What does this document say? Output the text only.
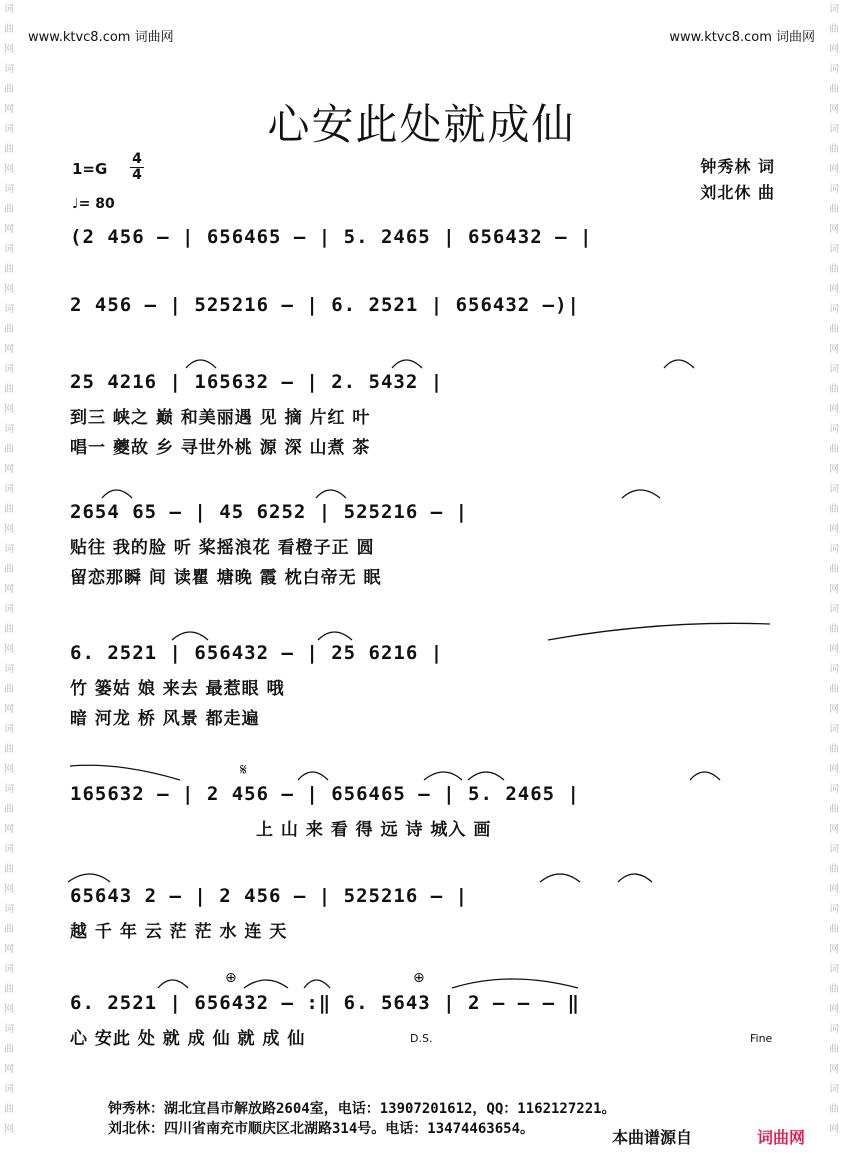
词
曲
网
词
曲
网
词
曲
网
词
曲
网
词
曲
网
词
曲
网
词
曲
网
词
曲
网
词
曲
网
词
曲
网
词
曲
网
词
曲
网
词
曲
网
词
曲
网
词
曲
网
词
曲
网
词
曲
网
词
曲
网
词
曲
网
词
曲
网
词
曲
网
词
曲
网
词
曲
网
词
曲
网
词
曲
网
词
曲
网
词
曲
网
词
曲
网
词
曲
网
词
曲
网
词
曲
网
词
曲
网
词
曲
网
词
曲
网
词
曲
网
词
曲
网
词
曲
网
词
曲
网
www.ktvc8.com 词曲网	www.ktvc8.com 词曲网
心安此处就成仙
1=G
4
4
♩= 80
钟秀林 词
刘北休 曲
(2 456 – | 656465 – | 5. 2465 | 656432 – |
2 456 – | 525216 – | 6. 2521 | 656432 –)|
25 4216 | 165632 – | 2. 5432 |
到三 峡之 巅 和美丽遇 见 摘 片红 叶
唱一 夔故 乡 寻世外桃 源 深 山煮 茶
2654 65 – | 45 6252 | 525216 – |
贴往 我的脸 听 桨摇浪花 看橙子正 圆
留恋那瞬 间 读瞿 塘晚 霞 枕白帝无 眠
6. 2521 | 656432 – | 25 6216 |
竹 篓姑 娘 来去 最惹眼 哦
暗 河龙 桥 风景 都走遍
165632 – | 2 456 – | 656465 – | 5. 2465 |
上 山 来 看 得 远 诗 城入 画
65643 2 – | 2 456 – | 525216 – |
越 千 年 云 茫 茫 水 连 天
6. 2521 | 656432 – :‖ 6. 5643 | 2 – – – ‖
心 安此 处 就 成 仙 就 成 仙
𝄋
⊕	⊕
D.S.	Fine
钟秀林：湖北宜昌市解放路2604室，电话：13907201612，QQ：1162127221。
刘北休：四川省南充市顺庆区北湖路314号。电话：13474463654。	本曲谱源自	词曲网
